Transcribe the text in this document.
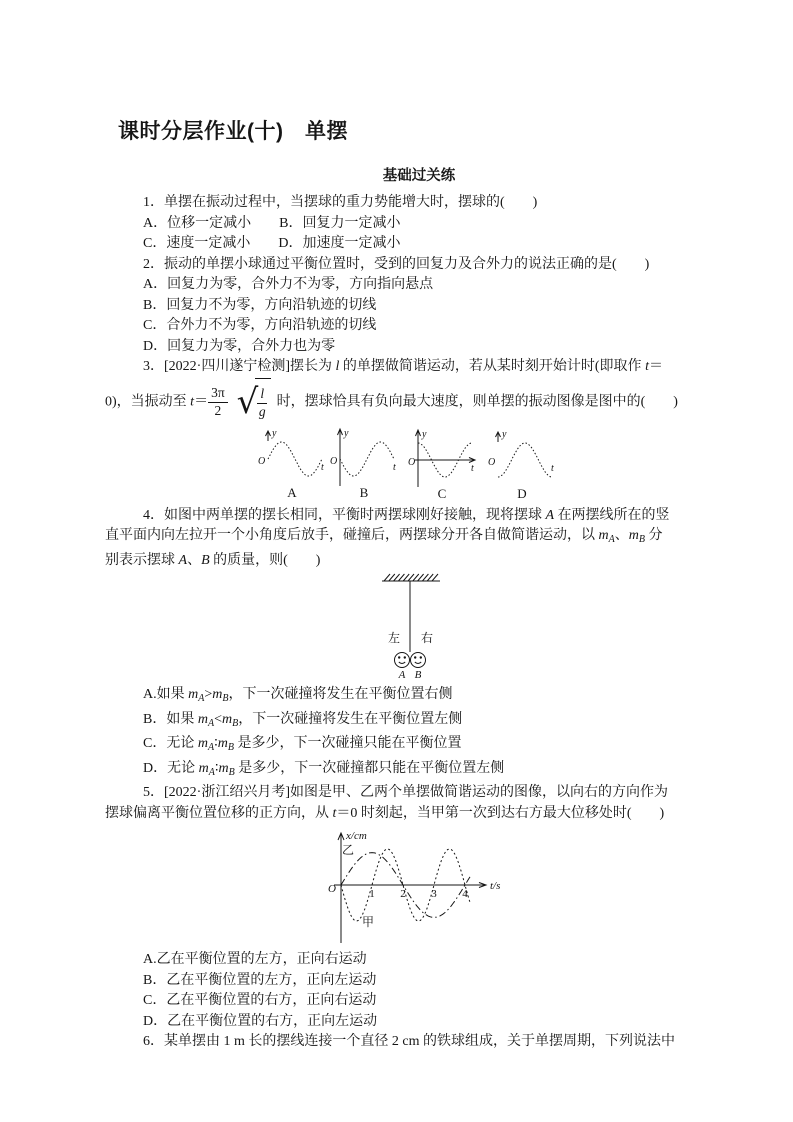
课时分层作业(十)　单摆
基础过关练

1．单摆在振动过程中，当摆球的重力势能增大时，摆球的(　　)

A．位移一定减小　　B．回复力一定减小

C．速度一定减小　　D．加速度一定减小

2．振动的单摆小球通过平衡位置时，受到的回复力及合外力的说法正确的是(　　)

A．回复力为零，合外力不为零，方向指向悬点

B．回复力不为零，方向沿轨迹的切线

C．合外力不为零，方向沿轨迹的切线

D．回复力为零，合外力也为零

3．[2022·四川遂宁检测]摆长为 l 的单摆做简谐运动，若从某时刻开始计时(即取作 t＝

0)，当振动至 $t= \frac{3\pi}{2}$ √ $\frac{l}{g}$ 时，摆球恰具有负向最大速度，则单摆的振动图像是图中的(　　)
y
t
O
A
y
t
O
B
y
t
O
C
y
t
O
D

4．如图中两单摆的摆长相同，平衡时两摆球刚好接触，现将摆球 A 在两摆线所在的竖

直平面内向左拉开一个小角度后放手，碰撞后，两摆球分开各自做简谐运动，以 $m_A$、$m_B$ 分

别表示摆球 A、B 的质量，则(　　)

A B
左 右

A.如果 $m_A>m_B$，下一次碰撞将发生在平衡位置右侧

B．如果 $m_A<m_B$，下一次碰撞将发生在平衡位置左侧

C．无论 $m_A∶m_B$ 是多少，下一次碰撞只能在平衡位置

D．无论 $m_A∶m_B$ 是多少，下一次碰撞都只能在平衡位置左侧

5．[2022·浙江绍兴月考]如图是甲、乙两个单摆做简谐运动的图像，以向右的方向作为

摆球偏离平衡位置位移的正方向，从 t＝0 时刻起，当甲第一次到达右方最大位移处时(　　)

x/cm
t/s
O	1 2 3 4
甲
乙

A.乙在平衡位置的左方，正向右运动

B．乙在平衡位置的左方，正向左运动

C．乙在平衡位置的右方，正向右运动

D．乙在平衡位置的右方，正向左运动

6．某单摆由 1 m 长的摆线连接一个直径 2 cm 的铁球组成，关于单摆周期，下列说法中
